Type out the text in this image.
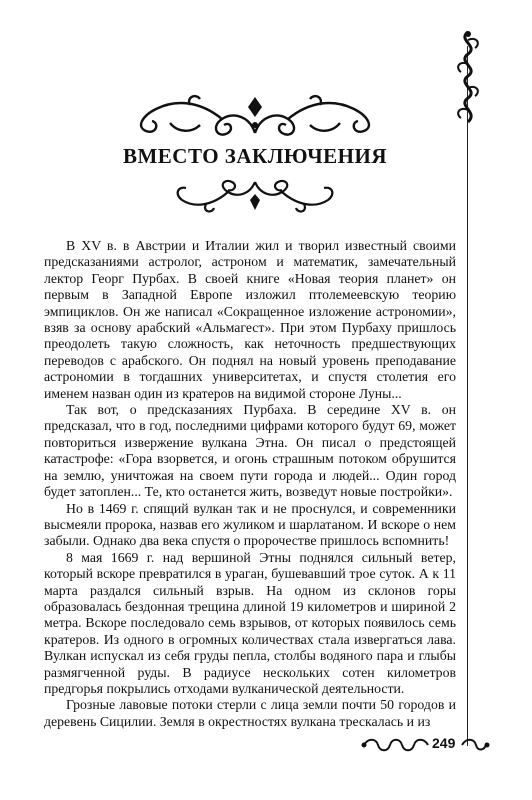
ВМЕСТО ЗАКЛЮЧЕНИЯ

В XV в. в Австрии и Италии жил и творил известный своими предсказаниями астролог, астроном и математик, замечательный лектор Георг Пурбах. В своей книге «Новая теория планет» он первым в Западной Европе изложил птолемеевскую теорию эмпициклов. Он же написал «Сокращенное изложение астрономии», взяв за основу арабский «Альмагест». При этом Пурбаху пришлось преодолеть такую сложность, как неточность предшествующих переводов с арабского. Он поднял на новый уровень преподавание астрономии в тогдашних университетах, и спустя столетия его именем назван один из кратеров на видимой стороне Луны...

Так вот, о предсказаниях Пурбаха. В середине XV в. он предсказал, что в год, последними цифрами которого будут 69, может повториться извержение вулкана Этна. Он писал о предстоящей катастрофе: «Гора взорвется, и огонь страшным потоком обрушится на землю, уничтожая на своем пути города и людей... Один город будет затоплен... Те, кто останется жить, возведут новые постройки».

Но в 1469 г. спящий вулкан так и не проснулся, и современники высмеяли пророка, назвав его жуликом и шарлатаном. И вскоре о нем забыли. Однако два века спустя о пророчестве пришлось вспомнить!

8 мая 1669 г. над вершиной Этны поднялся сильный ветер, который вскоре превратился в ураган, бушевавший трое суток. А к 11 марта раздался сильный взрыв. На одном из склонов горы образовалась бездонная трещина длиной 19 километров и шириной 2 метра. Вскоре последовало семь взрывов, от которых появилось семь кратеров. Из одного в огромных количествах стала извергаться лава. Вулкан испускал из себя груды пепла, столбы водяного пара и глыбы размягченной руды. В радиусе нескольких сотен километров предгорья покрылись отходами вулканической деятельности.

Грозные лавовые потоки стерли с лица земли почти 50 городов и деревень Сицилии. Земля в окрестностях вулкана трескалась и из

249
